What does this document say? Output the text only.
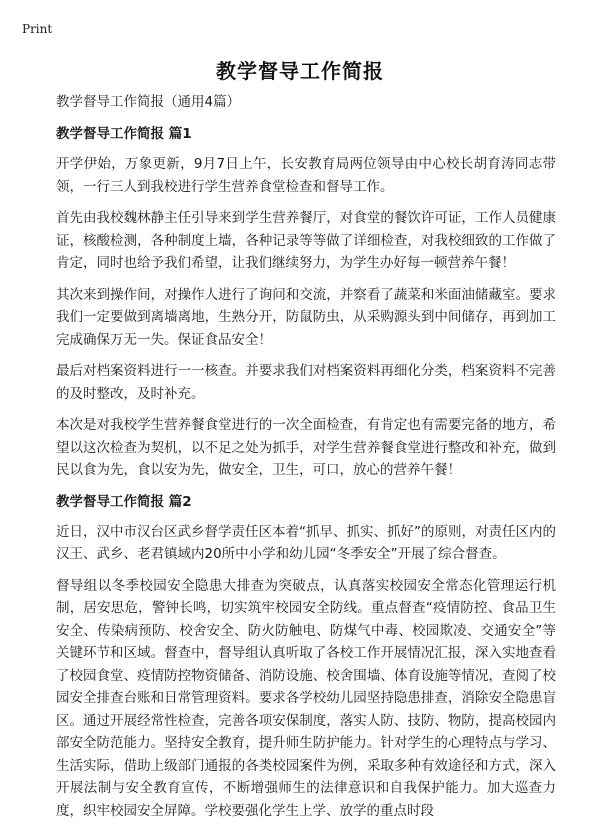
Print
教学督导工作简报

教学督导工作简报（通用4篇）

教学督导工作简报 篇1

开学伊始，万象更新，9月7日上午，长安教育局两位领导由中心校长胡育涛同志带领，一行三人到我校进行学生营养食堂检查和督导工作。

首先由我校魏林静主任引导来到学生营养餐厅，对食堂的餐饮许可证，工作人员健康证，核酸检测，各种制度上墙，各种记录等等做了详细检查，对我校细致的工作做了肯定，同时也给予我们希望，让我们继续努力，为学生办好每一顿营养午餐！

其次来到操作间，对操作人进行了询问和交流，并察看了蔬菜和米面油储藏室。要求我们一定要做到离墙离地，生熟分开，防鼠防虫，从采购源头到中间储存，再到加工完成确保万无一失。保证食品安全！

最后对档案资料进行一一核查。并要求我们对档案资料再细化分类，档案资料不完善的及时整改，及时补充。

本次是对我校学生营养餐食堂进行的一次全面检查，有肯定也有需要完备的地方，希望以这次检查为契机，以不足之处为抓手，对学生营养餐食堂进行整改和补充，做到民以食为先，食以安为先，做安全，卫生，可口，放心的营养午餐！

教学督导工作简报 篇2

近日，汉中市汉台区武乡督学责任区本着“抓早、抓实、抓好”的原则，对责任区内的汉王、武乡、老君镇域内20所中小学和幼儿园“冬季安全”开展了综合督查。

督导组以冬季校园安全隐患大排查为突破点，认真落实校园安全常态化管理运行机制，居安思危，警钟长鸣，切实筑牢校园安全防线。重点督查“疫情防控、食品卫生安全、传染病预防、校舍安全、防火防触电、防煤气中毒、校园欺凌、交通安全”等关键环节和区域。督查中，督导组认真听取了各校工作开展情况汇报，深入实地查看了校园食堂、疫情防控物资储备、消防设施、校舍围墙、体育设施等情况，查阅了校园安全排查台账和日常管理资料。要求各学校幼儿园坚持隐患排查，消除安全隐患盲区。通过开展经常性检查，完善各项安保制度，落实人防、技防、物防，提高校园内部安全防范能力。坚持安全教育，提升师生防护能力。针对学生的心理特点与学习、生活实际，借助上级部门通报的各类校园案件为例，采取多种有效途径和方式，深入开展法制与安全教育宣传，不断增强师生的法律意识和自我保护能力。加大巡查力度，织牢校园安全屏障。学校要强化学生上学、放学的重点时段
